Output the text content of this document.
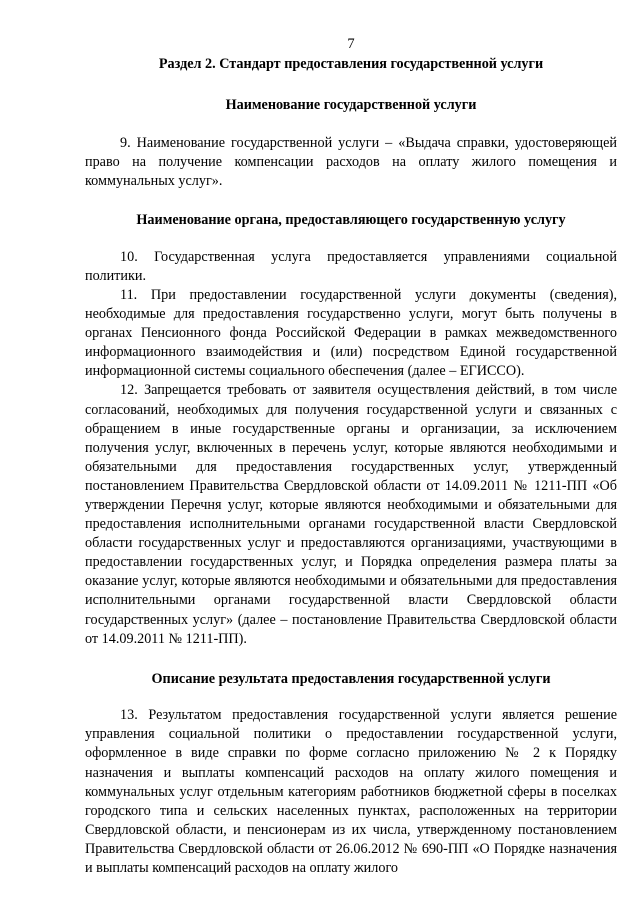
7
Раздел 2. Стандарт предоставления государственной услуги
Наименование государственной услуги

9. Наименование государственной услуги – «Выдача справки, удостоверяющей право на получение компенсации расходов на оплату жилого помещения и коммунальных услуг».

Наименование органа, предоставляющего государственную услугу

10. Государственная услуга предоставляется управлениями социальной политики.

11. При предоставлении государственной услуги документы (сведения), необходимые для предоставления государственно услуги, могут быть получены в органах Пенсионного фонда Российской Федерации в рамках межведомственного информационного взаимодействия и (или) посредством Единой государственной информационной системы социального обеспечения (далее – ЕГИССО).

12. Запрещается требовать от заявителя осуществления действий, в том числе согласований, необходимых для получения государственной услуги и связанных с обращением в иные государственные органы и организации, за исключением получения услуг, включенных в перечень услуг, которые являются необходимыми и обязательными для предоставления государственных услуг, утвержденный постановлением Правительства Свердловской области от 14.09.2011 № 1211-ПП «Об утверждении Перечня услуг, которые являются необходимыми и обязательными для предоставления исполнительными органами государственной власти Свердловской области государственных услуг и предоставляются организациями, участвующими в предоставлении государственных услуг, и Порядка определения размера платы за оказание услуг, которые являются необходимыми и обязательными для предоставления исполнительными органами государственной власти Свердловской области государственных услуг» (далее – постановление Правительства Свердловской области от 14.09.2011 № 1211-ПП).

Описание результата предоставления государственной услуги

13. Результатом предоставления государственной услуги является решение управления социальной политики о предоставлении государственной услуги, оформленное в виде справки по форме согласно приложению № 2 к Порядку назначения и выплаты компенсаций расходов на оплату жилого помещения и коммунальных услуг отдельным категориям работников бюджетной сферы в поселках городского типа и сельских населенных пунктах, расположенных на территории Свердловской области, и пенсионерам из их числа, утвержденному постановлением Правительства Свердловской области от 26.06.2012 № 690-ПП «О Порядке назначения и выплаты компенсаций расходов на оплату жилого
